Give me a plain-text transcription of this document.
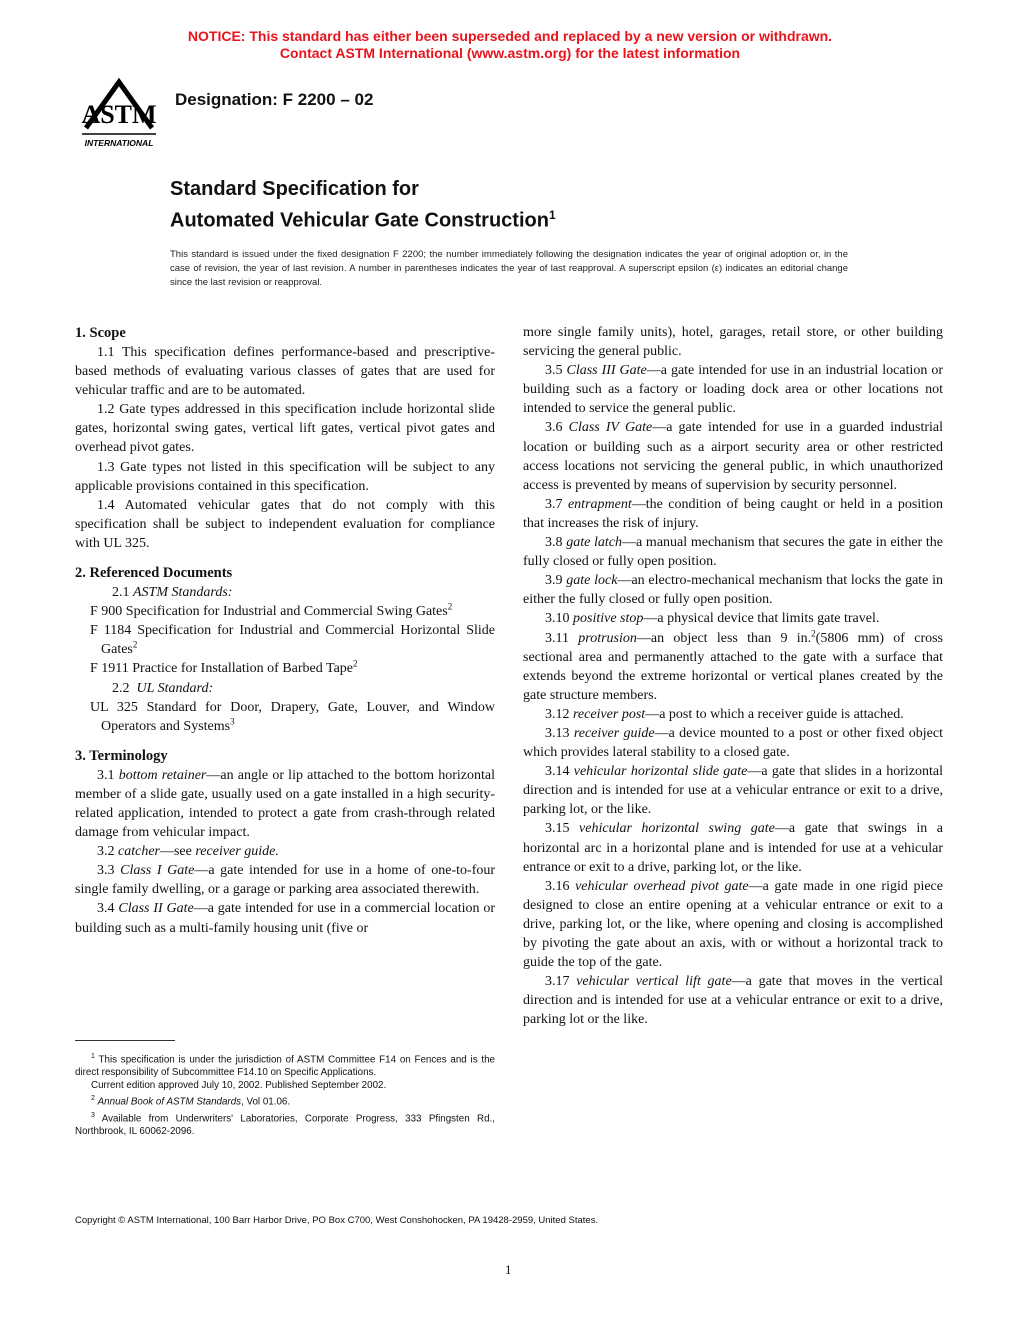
NOTICE: This standard has either been superseded and replaced by a new version or withdrawn.
Contact ASTM International (www.astm.org) for the latest information
ASTM
INTERNATIONAL
Designation: F 2200 – 02
Standard Specification for
Automated Vehicular Gate Construction$^1$
This standard is issued under the fixed designation F 2200; the number immediately following the designation indicates the year of original adoption or, in the case of revision, the year of last revision. A number in parentheses indicates the year of last reapproval. A superscript epsilon (ε) indicates an editorial change since the last revision or reapproval.
1. Scope

1.1 This specification defines performance-based and prescriptive-based methods of evaluating various classes of gates that are used for vehicular traffic and are to be automated.

1.2 Gate types addressed in this specification include horizontal slide gates, horizontal swing gates, vertical lift gates, vertical pivot gates and overhead pivot gates.

1.3 Gate types not listed in this specification will be subject to any applicable provisions contained in this specification.

1.4 Automated vehicular gates that do not comply with this specification shall be subject to independent evaluation for compliance with UL 325.

2. Referenced Documents

2.1 ASTM Standards:

F 900 Specification for Industrial and Commercial Swing Gates$^2$

F 1184 Specification for Industrial and Commercial Horizontal Slide Gates$^2$

F 1911 Practice for Installation of Barbed Tape$^2$

2.2 UL Standard:

UL 325 Standard for Door, Drapery, Gate, Louver, and Window Operators and Systems$^3$

3. Terminology

3.1 bottom retainer—an angle or lip attached to the bottom horizontal member of a slide gate, usually used on a gate installed in a high security-related application, intended to protect a gate from crash-through related damage from vehicular impact.

3.2 catcher—see receiver guide.

3.3 Class I Gate—a gate intended for use in a home of one-to-four single family dwelling, or a garage or parking area associated therewith.

3.4 Class II Gate—a gate intended for use in a commercial location or building such as a multi-family housing unit (five or

more single family units), hotel, garages, retail store, or other building servicing the general public.

3.5 Class III Gate—a gate intended for use in an industrial location or building such as a factory or loading dock area or other locations not intended to service the general public.

3.6 Class IV Gate—a gate intended for use in a guarded industrial location or building such as a airport security area or other restricted access locations not servicing the general public, in which unauthorized access is prevented by means of supervision by security personnel.

3.7 entrapment—the condition of being caught or held in a position that increases the risk of injury.

3.8 gate latch—a manual mechanism that secures the gate in either the fully closed or fully open position.

3.9 gate lock—an electro-mechanical mechanism that locks the gate in either the fully closed or fully open position.

3.10 positive stop—a physical device that limits gate travel.

3.11 protrusion—an object less than 9 in.$^2$(5806 mm) of cross sectional area and permanently attached to the gate with a surface that extends beyond the extreme horizontal or vertical planes created by the gate structure members.

3.12 receiver post—a post to which a receiver guide is attached.

3.13 receiver guide—a device mounted to a post or other fixed object which provides lateral stability to a closed gate.

3.14 vehicular horizontal slide gate—a gate that slides in a horizontal direction and is intended for use at a vehicular entrance or exit to a drive, parking lot, or the like.

3.15 vehicular horizontal swing gate—a gate that swings in a horizontal arc in a horizontal plane and is intended for use at a vehicular entrance or exit to a drive, parking lot, or the like.

3.16 vehicular overhead pivot gate—a gate made in one rigid piece designed to close an entire opening at a vehicular entrance or exit to a drive, parking lot, or the like, where opening and closing is accomplished by pivoting the gate about an axis, with or without a horizontal track to guide the top of the gate.

3.17 vehicular vertical lift gate—a gate that moves in the vertical direction and is intended for use at a vehicular entrance or exit to a drive, parking lot or the like.

$^1$ This specification is under the jurisdiction of ASTM Committee F14 on Fences and is the direct responsibility of Subcommittee F14.10 on Specific Applications.

Current edition approved July 10, 2002. Published September 2002.

$^2$ Annual Book of ASTM Standards, Vol 01.06.

$^3$ Available from Underwriters' Laboratories, Corporate Progress, 333 Pfingsten Rd., Northbrook, IL 60062-2096.

Copyright © ASTM International, 100 Barr Harbor Drive, PO Box C700, West Conshohocken, PA 19428-2959, United States.
1
